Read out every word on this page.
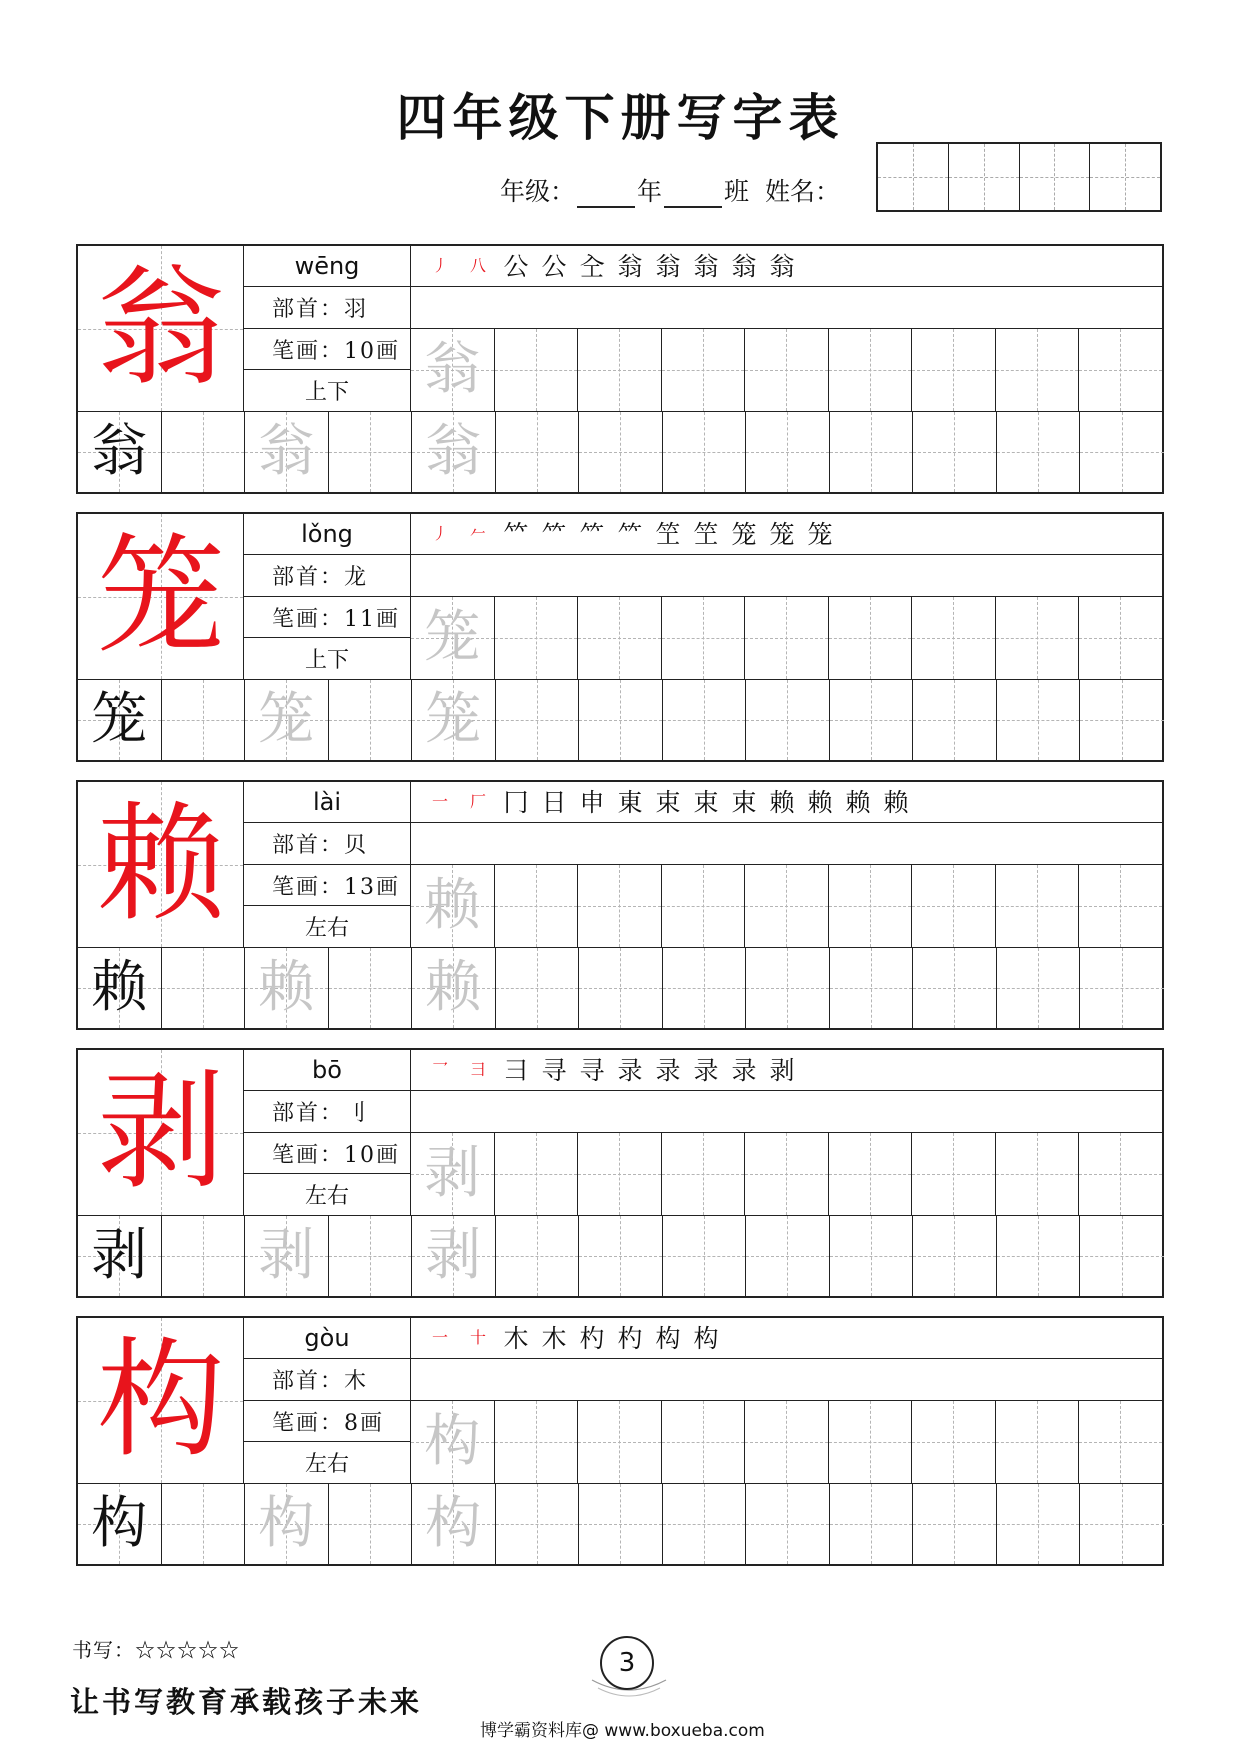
四年级下册写字表
年级： 年 班 姓名：
翁	wēng
部首：羽
笔画：10画
上下
丿	八 公 公 㒰 翁 翁 翁 翁 翁
翁
翁 翁 翁
笼	lǒng
部首：龙
笔画：11画
上下
丿	𠂉 𥫗 ⺮ ⺮ ⺮ 笁 笁 笼 笼 笼
笼
笼 笼 笼
赖	lài
部首：贝
笔画：13画
左右
一	厂 冂 日 申 東 束 束 束 赖 赖 赖 赖
赖
赖 赖 赖
剥	bō
部首：刂
笔画：10画
左右
乛	彐 彐 寻 寻 录 录 录 录 剥
剥
剥 剥 剥
构	gòu
部首：木
笔画：8画
左右
一	十 木 木 杓 杓 构 构
构
构 构 构
书写：☆☆☆☆☆
让书写教育承载孩子未来
3
博学霸资料库@ www.boxueba.com
